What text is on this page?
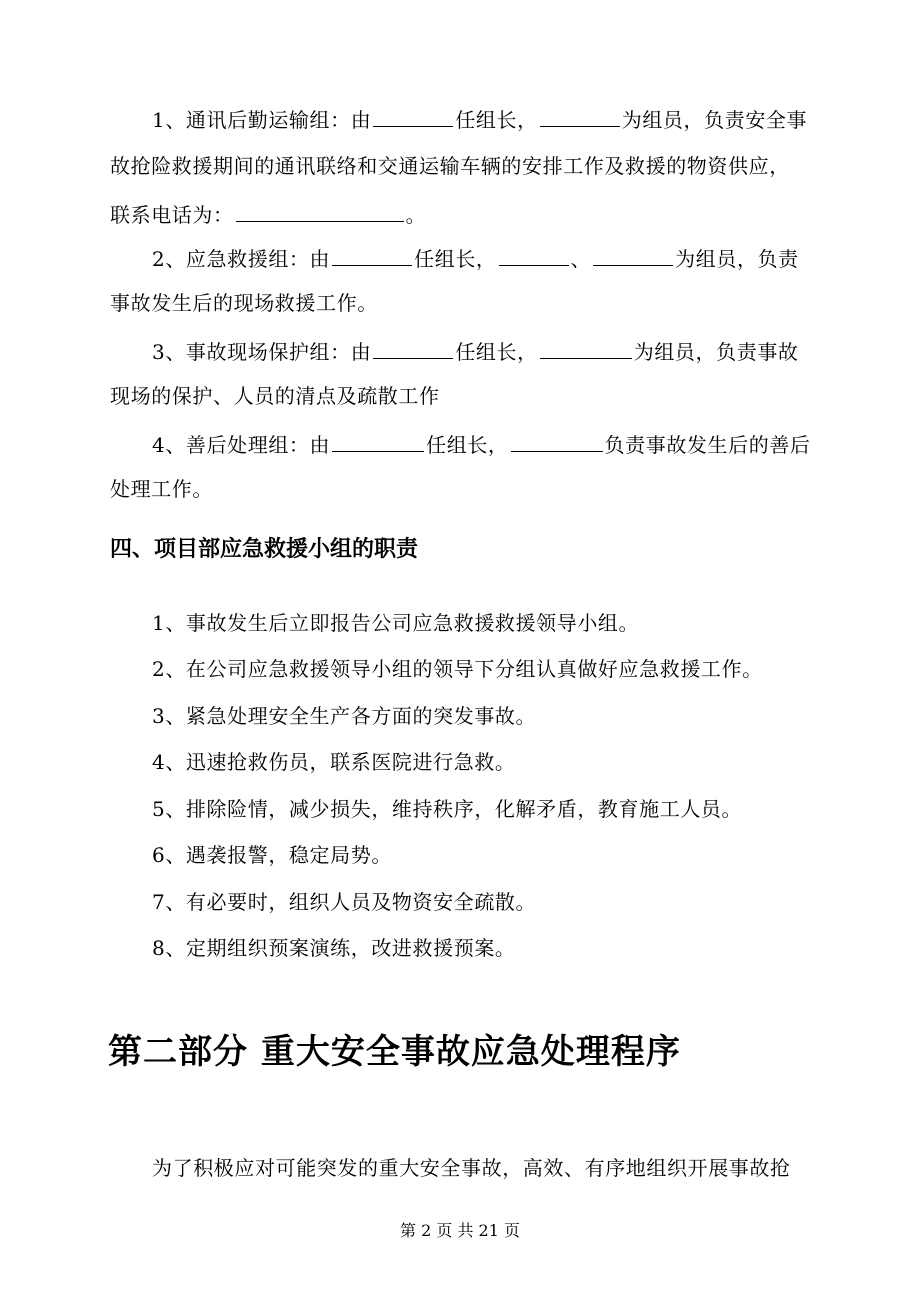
1、通讯后勤运输组：由	任组长，	为组员，负责安全事
故抢险救援期间的通讯联络和交通运输车辆的安排工作及救援的物资供应，
联系电话为：	。
2、应急救援组：由	任组长，	、	为组员，负责
事故发生后的现场救援工作。
3、事故现场保护组：由	任组长，	为组员，负责事故
现场的保护、人员的清点及疏散工作
4、善后处理组：由	任组长，	负责事故发生后的善后
处理工作。
四、项目部应急救援小组的职责
1、事故发生后立即报告公司应急救援救援领导小组。
2、在公司应急救援领导小组的领导下分组认真做好应急救援工作。
3、紧急处理安全生产各方面的突发事故。
4、迅速抢救伤员，联系医院进行急救。
5、排除险情，减少损失，维持秩序，化解矛盾，教育施工人员。
6、遇袭报警，稳定局势。
7、有必要时，组织人员及物资安全疏散。
8、定期组织预案演练，改进救援预案。
第二部分 重大安全事故应急处理程序
为了积极应对可能突发的重大安全事故，高效、有序地组织开展事故抢
第 2 页 共 21 页
